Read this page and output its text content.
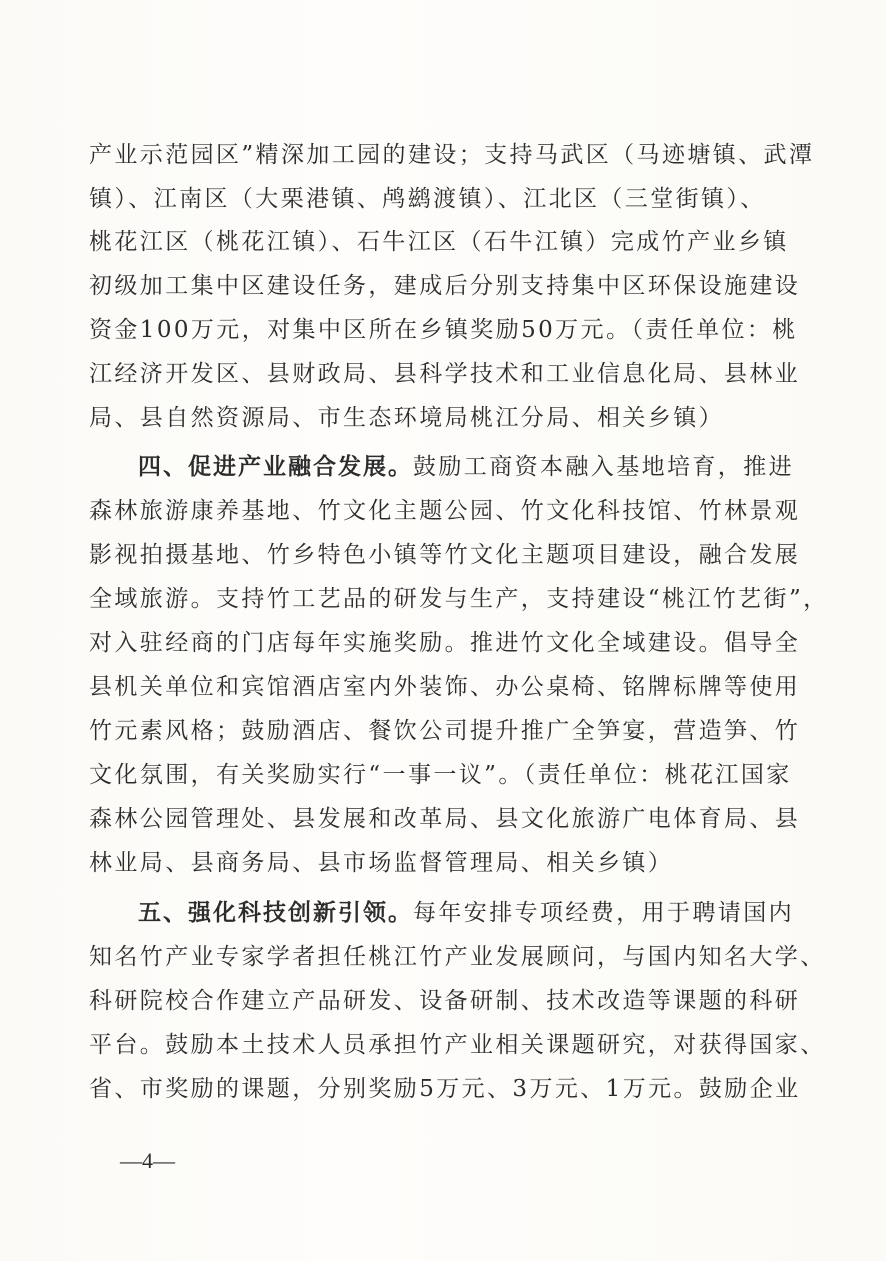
产业示范园区”精深加工园的建设；支持马武区（马迹塘镇、武潭
镇）、江南区（大栗港镇、鸬鹚渡镇）、江北区（三堂街镇）、
桃花江区（桃花江镇）、石牛江区（石牛江镇）完成竹产业乡镇
初级加工集中区建设任务，建成后分别支持集中区环保设施建设
资金100万元，对集中区所在乡镇奖励50万元。（责任单位：桃
江经济开发区、县财政局、县科学技术和工业信息化局、县林业
局、县自然资源局、市生态环境局桃江分局、相关乡镇）
四、促进产业融合发展。鼓励工商资本融入基地培育，推进
森林旅游康养基地、竹文化主题公园、竹文化科技馆、竹林景观
影视拍摄基地、竹乡特色小镇等竹文化主题项目建设，融合发展
全域旅游。支持竹工艺品的研发与生产，支持建设“桃江竹艺街”，
对入驻经商的门店每年实施奖励。推进竹文化全域建设。倡导全
县机关单位和宾馆酒店室内外装饰、办公桌椅、铭牌标牌等使用
竹元素风格；鼓励酒店、餐饮公司提升推广全笋宴，营造笋、竹
文化氛围，有关奖励实行“一事一议”。（责任单位：桃花江国家
森林公园管理处、县发展和改革局、县文化旅游广电体育局、县
林业局、县商务局、县市场监督管理局、相关乡镇）
五、强化科技创新引领。每年安排专项经费，用于聘请国内
知名竹产业专家学者担任桃江竹产业发展顾问，与国内知名大学、
科研院校合作建立产品研发、设备研制、技术改造等课题的科研
平台。鼓励本土技术人员承担竹产业相关课题研究，对获得国家、
省、市奖励的课题，分别奖励5万元、3万元、1万元。鼓励企业
—4—
